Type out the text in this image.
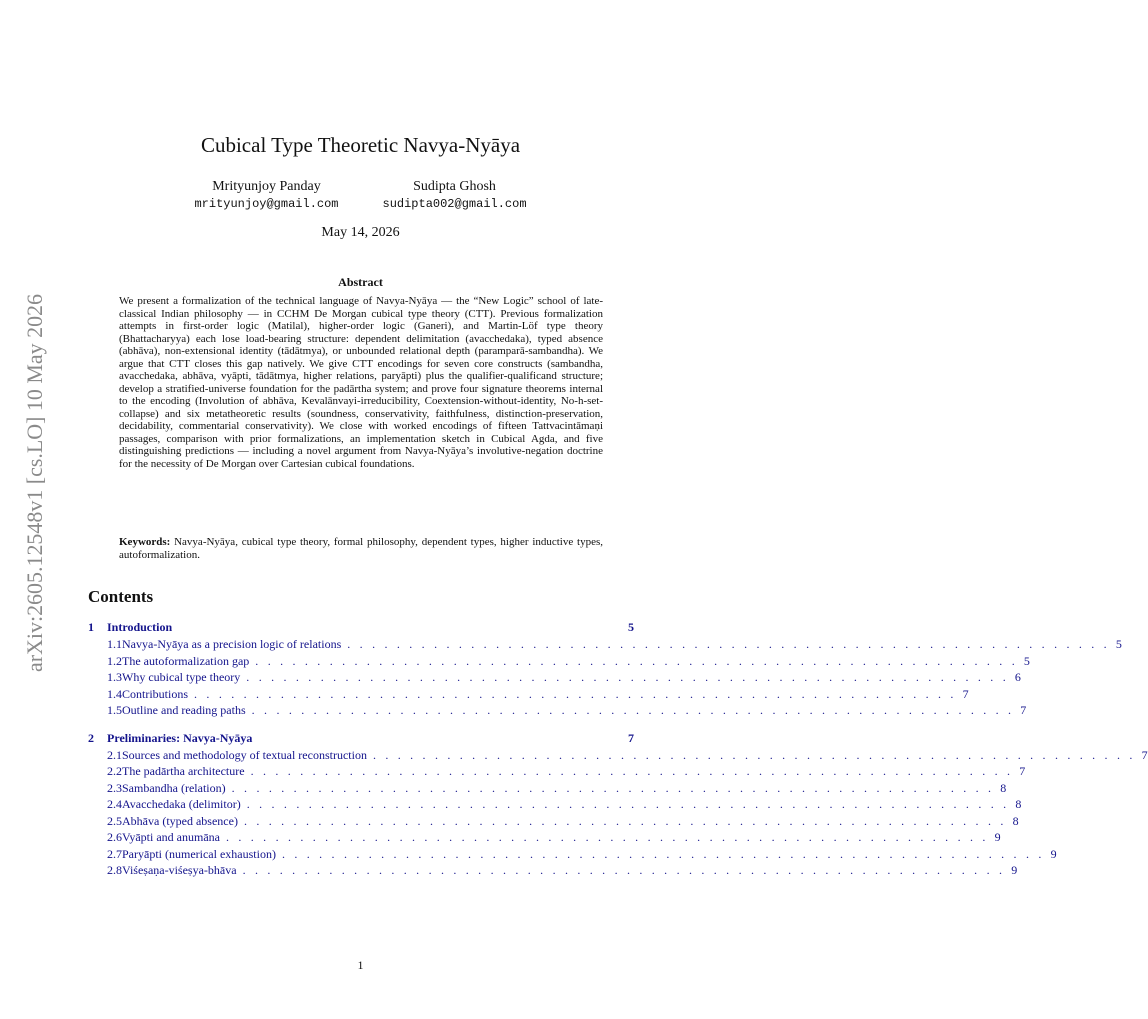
arXiv:2605.12548v1 [cs.LO] 10 May 2026
Cubical Type Theoretic Navya-Nyāya
Mrityunjoy Panday
mrityunjoy@gmail.com
Sudipta Ghosh
sudipta002@gmail.com
May 14, 2026
Abstract
We present a formalization of the technical language of Navya-Nyāya — the “New Logic” school of late-classical Indian philosophy — in CCHM De Morgan cubical type theory (CTT). Previous formalization attempts in first-order logic (Matilal), higher-order logic (Ganeri), and Martin-Löf type theory (Bhattacharyya) each lose load-bearing structure: dependent delimitation (avacchedaka), typed absence (abhāva), non-extensional identity (tādātmya), or unbounded relational depth (paramparā-sambandha). We argue that CTT closes this gap natively. We give CTT encodings for seven core constructs (sambandha, avacchedaka, abhāva, vyāpti, tādātmya, higher relations, paryāpti) plus the qualifier-qualificand structure; develop a stratified-universe foundation for the padārtha system; and prove four signature theorems internal to the encoding (Involution of abhāva, Kevalānvayi-irreducibility, Coextension-without-identity, No-h-set-collapse) and six metatheoretic results (soundness, conservativity, faithfulness, distinction-preservation, decidability, commentarial conservativity). We close with worked encodings of fifteen Tattvacintāmaṇi passages, comparison with prior formalizations, an implementation sketch in Cubical Agda, and five distinguishing predictions — including a novel argument from Navya-Nyāya’s involutive-negation doctrine for the necessity of De Morgan over Cartesian cubical foundations.
Keywords: Navya-Nyāya, cubical type theory, formal philosophy, dependent types, higher inductive types, autoformalization.
Contents
1	Introduction	5
1.1 Navya-Nyāya as a precision logic of relations . . . . . . . . . . . . . . . . . . . . . . . . . . . . . . . . . . . . . . . . . . . . . . . . . . . . . . . . . . . . . . 5
1.2 The autoformalization gap . . . . . . . . . . . . . . . . . . . . . . . . . . . . . . . . . . . . . . . . . . . . . . . . . . . . . . . . . . . . . . 5
1.3 Why cubical type theory . . . . . . . . . . . . . . . . . . . . . . . . . . . . . . . . . . . . . . . . . . . . . . . . . . . . . . . . . . . . . . 6
1.4 Contributions . . . . . . . . . . . . . . . . . . . . . . . . . . . . . . . . . . . . . . . . . . . . . . . . . . . . . . . . . . . . . . 7
1.5 Outline and reading paths . . . . . . . . . . . . . . . . . . . . . . . . . . . . . . . . . . . . . . . . . . . . . . . . . . . . . . . . . . . . . . 7
2	Preliminaries: Navya-Nyāya	7
2.1 Sources and methodology of textual reconstruction . . . . . . . . . . . . . . . . . . . . . . . . . . . . . . . . . . . . . . . . . . . . . . . . . . . . . . . . . . . . . . 7
2.2 The padārtha architecture . . . . . . . . . . . . . . . . . . . . . . . . . . . . . . . . . . . . . . . . . . . . . . . . . . . . . . . . . . . . . . 7
2.3 Sambandha (relation) . . . . . . . . . . . . . . . . . . . . . . . . . . . . . . . . . . . . . . . . . . . . . . . . . . . . . . . . . . . . . . 8
2.4 Avacchedaka (delimitor) . . . . . . . . . . . . . . . . . . . . . . . . . . . . . . . . . . . . . . . . . . . . . . . . . . . . . . . . . . . . . . 8
2.5 Abhāva (typed absence) . . . . . . . . . . . . . . . . . . . . . . . . . . . . . . . . . . . . . . . . . . . . . . . . . . . . . . . . . . . . . . 8
2.6 Vyāpti and anumāna . . . . . . . . . . . . . . . . . . . . . . . . . . . . . . . . . . . . . . . . . . . . . . . . . . . . . . . . . . . . . . 9
2.7 Paryāpti (numerical exhaustion) . . . . . . . . . . . . . . . . . . . . . . . . . . . . . . . . . . . . . . . . . . . . . . . . . . . . . . . . . . . . . . 9
2.8 Viśeṣaṇa-viśeṣya-bhāva . . . . . . . . . . . . . . . . . . . . . . . . . . . . . . . . . . . . . . . . . . . . . . . . . . . . . . . . . . . . . . 9
1
